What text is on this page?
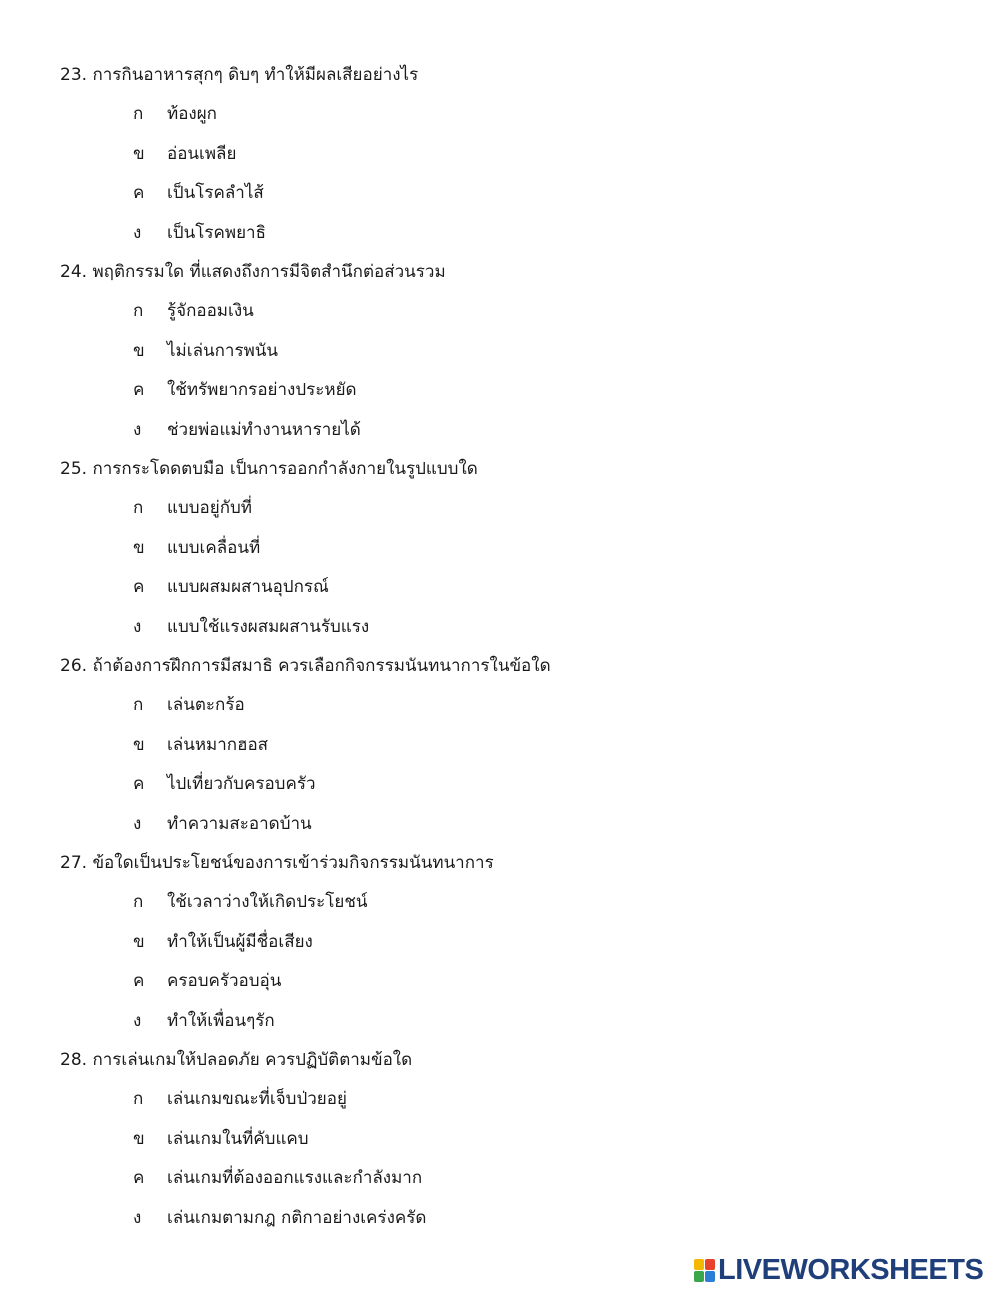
23. การกินอาหารสุกๆ ดิบๆ ทำให้มีผลเสียอย่างไร
ก	ท้องผูก
ข	อ่อนเพลีย
ค	เป็นโรคลำไส้
ง	เป็นโรคพยาธิ
24. พฤติกรรมใด ที่แสดงถึงการมีจิตสำนึกต่อส่วนรวม
ก	รู้จักออมเงิน
ข	ไม่เล่นการพนัน
ค	ใช้ทรัพยากรอย่างประหยัด
ง	ช่วยพ่อแม่ทำงานหารายได้
25. การกระโดดตบมือ เป็นการออกกำลังกายในรูปแบบใด
ก	แบบอยู่กับที่
ข	แบบเคลื่อนที่
ค	แบบผสมผสานอุปกรณ์
ง	แบบใช้แรงผสมผสานรับแรง
26. ถ้าต้องการฝึกการมีสมาธิ ควรเลือกกิจกรรมนันทนาการในข้อใด
ก	เล่นตะกร้อ
ข	เล่นหมากฮอส
ค	ไปเที่ยวกับครอบครัว
ง	ทำความสะอาดบ้าน
27. ข้อใดเป็นประโยชน์ของการเข้าร่วมกิจกรรมนันทนาการ
ก	ใช้เวลาว่างให้เกิดประโยชน์
ข	ทำให้เป็นผู้มีชื่อเสียง
ค	ครอบครัวอบอุ่น
ง	ทำให้เพื่อนๆรัก
28. การเล่นเกมให้ปลอดภัย ควรปฏิบัติตามข้อใด
ก	เล่นเกมขณะที่เจ็บป่วยอยู่
ข	เล่นเกมในที่คับแคบ
ค	เล่นเกมที่ต้องออกแรงและกำลังมาก
ง	เล่นเกมตามกฎ กติกาอย่างเคร่งครัด
LIVEWORKSHEETS
